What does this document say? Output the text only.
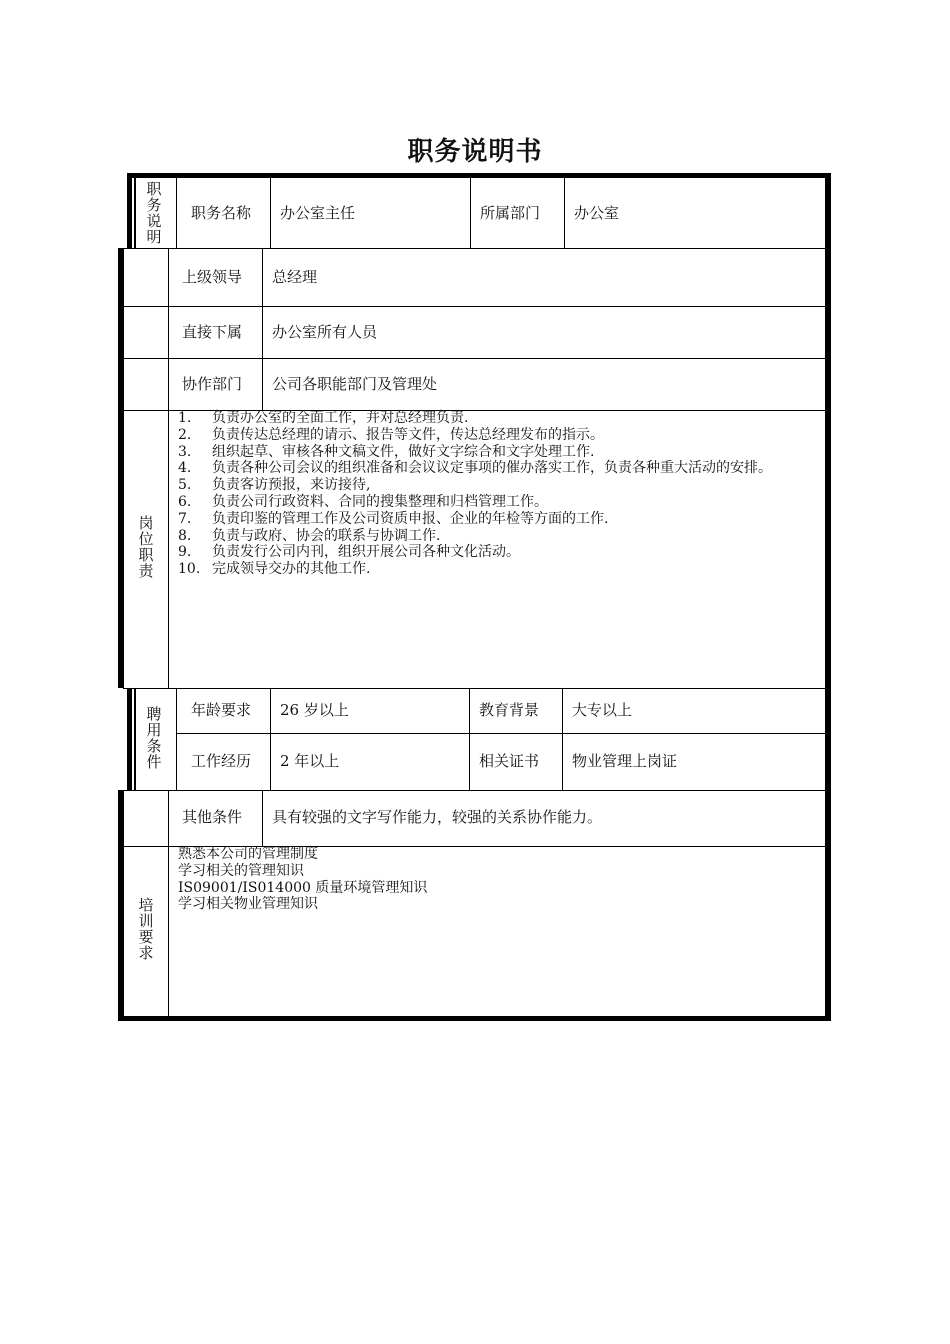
职务说明书
职务说明
职务名称 办公室主任	所属部门 办公室
上级领导 总经理
直接下属 办公室所有人员
协作部门 公司各职能部门及管理处
岗位职责
1.	负责办公室的全面工作，并对总经理负责.
2.	负责传达总经理的请示、报告等文件，传达总经理发布的指示。
3.	组织起草、审核各种文稿文件，做好文字综合和文字处理工作.
4.	负责各种公司会议的组织准备和会议议定事项的催办落实工作，负责各种重大活动的安排。
5.	负责客访预报，来访接待,
6.	负责公司行政资料、合同的搜集整理和归档管理工作。
7.	负责印鉴的管理工作及公司资质申报、企业的年检等方面的工作.
8.	负责与政府、协会的联系与协调工作.
9.	负责发行公司内刊，组织开展公司各种文化活动。
10. 完成领导交办的其他工作.
聘用条件
年龄要求 26 岁以上	教育背景 大专以上
工作经历 2 年以上	相关证书 物业管理上岗证
其他条件 具有较强的文字写作能力，较强的关系协作能力。
培训要求
熟悉本公司的管理制度
学习相关的管理知识
IS09001/IS014000 质量环境管理知识
学习相关物业管理知识
